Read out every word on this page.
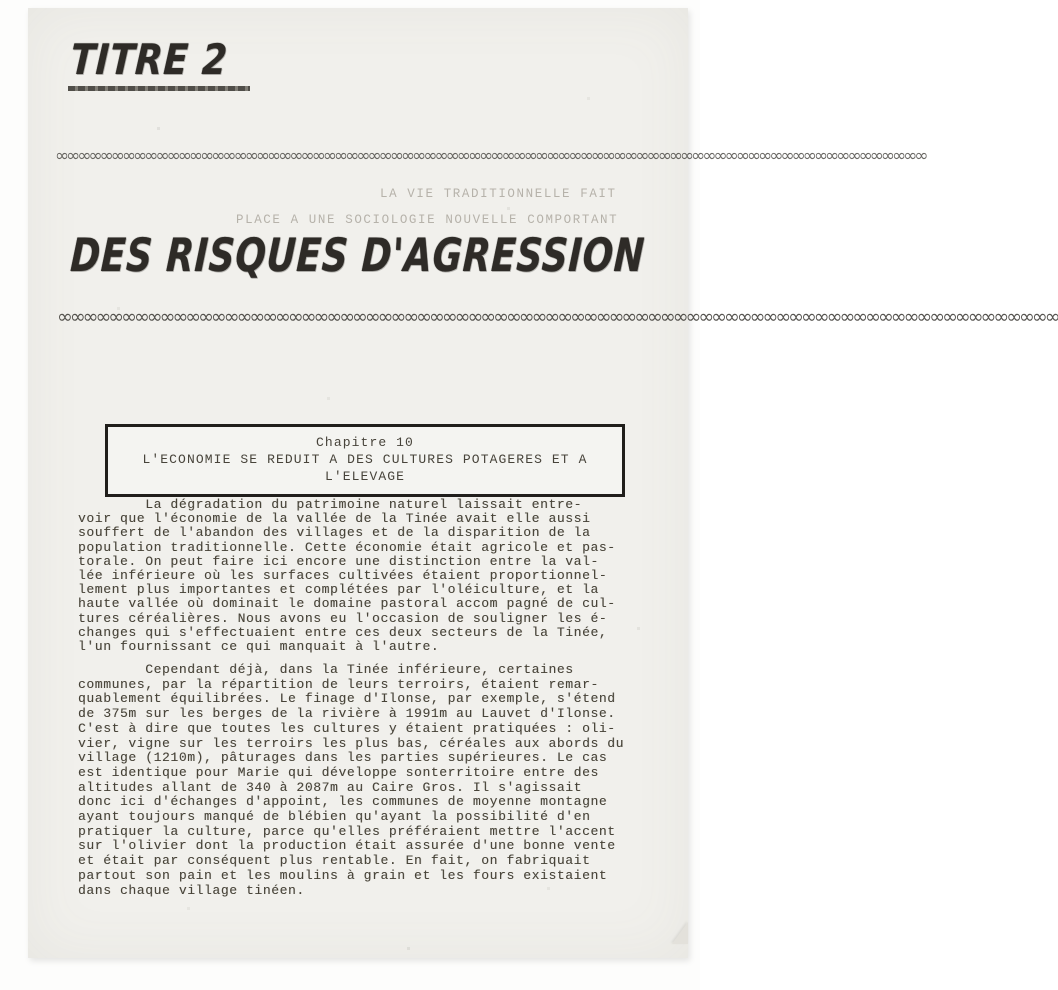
TITRE 2
∞∞∞∞∞∞∞∞∞∞∞∞∞∞∞∞∞∞∞∞∞∞∞∞∞∞∞∞∞∞∞∞∞∞∞∞∞∞∞∞∞∞∞∞∞∞∞∞∞∞∞∞∞∞∞∞∞∞∞∞∞∞∞∞∞∞∞∞∞∞∞∞∞∞∞∞∞∞
LA VIE TRADITIONNELLE FAIT
PLACE A UNE SOCIOLOGIE NOUVELLE COMPORTANT
DES RISQUES D'AGRESSION
∞∞∞∞∞∞∞∞∞∞∞∞∞∞∞∞∞∞∞∞∞∞∞∞∞∞∞∞∞∞∞∞∞∞∞∞∞∞∞∞∞∞∞∞∞∞∞∞∞∞∞∞∞∞∞∞∞∞∞∞∞∞∞∞∞∞∞∞∞∞∞∞∞∞∞∞∞∞
Chapitre 10
L'ECONOMIE SE REDUIT A DES CULTURES POTAGERES ET A
L'ELEVAGE
La dégradation du patrimoine naturel laissait entre-
voir que l'économie de la vallée de la Tinée avait elle aussi
souffert de l'abandon des villages et de la disparition de la
population traditionnelle. Cette économie était agricole et pas-
torale. On peut faire ici encore une distinction entre la val-
lée inférieure où les surfaces cultivées étaient proportionnel-
lement plus importantes et complétées par l'oléiculture, et la
haute vallée où dominait le domaine pastoral accom pagné de cul-
tures céréalières. Nous avons eu l'occasion de souligner les é-
changes qui s'effectuaient entre ces deux secteurs de la Tinée,
l'un fournissant ce qui manquait à l'autre.
Cependant déjà, dans la Tinée inférieure, certaines
communes, par la répartition de leurs terroirs, étaient remar-
quablement équilibrées. Le finage d'Ilonse, par exemple, s'étend
de 375m sur les berges de la rivière à 1991m au Lauvet d'Ilonse.
C'est à dire que toutes les cultures y étaient pratiquées : oli-
vier, vigne sur les terroirs les plus bas, céréales aux abords du
village (1210m), pâturages dans les parties supérieures. Le cas
est identique pour Marie qui développe sonterritoire entre des
altitudes allant de 340 à 2087m au Caire Gros. Il s'agissait
donc ici d'échanges d'appoint, les communes de moyenne montagne
ayant toujours manqué de blébien qu'ayant la possibilité d'en
pratiquer la culture, parce qu'elles préféraient mettre l'accent
sur l'olivier dont la production était assurée d'une bonne vente
et était par conséquent plus rentable. En fait, on fabriquait
partout son pain et les moulins à grain et les fours existaient
dans chaque village tinéen.
